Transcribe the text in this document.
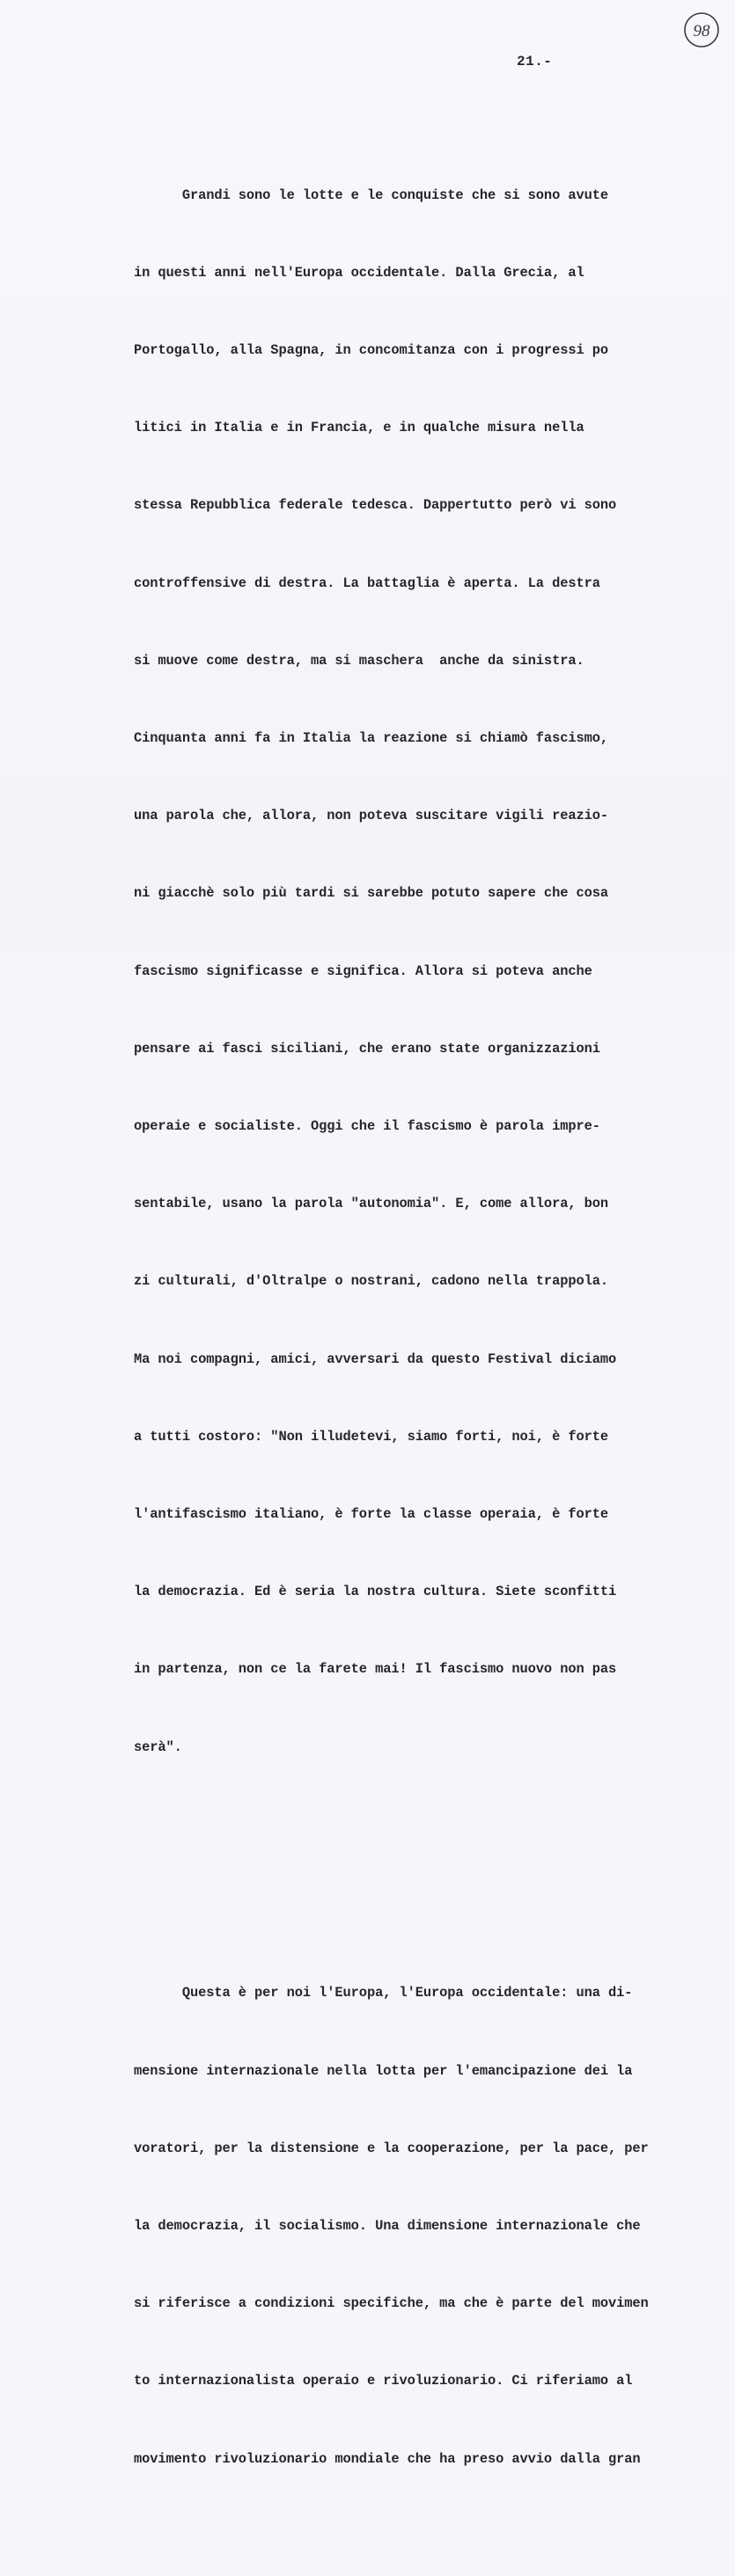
98
21.-

Grandi sono le lotte e le conquiste che si sono avute

in questi anni nell'Europa occidentale. Dalla Grecia, al

Portogallo, alla Spagna, in concomitanza con i progressi po

litici in Italia e in Francia, e in qualche misura nella

stessa Repubblica federale tedesca. Dappertutto però vi sono

controffensive di destra. La battaglia è aperta. La destra

si muove come destra, ma si maschera  anche da sinistra.

Cinquanta anni fa in Italia la reazione si chiamò fascismo,

una parola che, allora, non poteva suscitare vigili reazio-

ni giacchè solo più tardi si sarebbe potuto sapere che cosa

fascismo significasse e significa. Allora si poteva anche

pensare ai fasci siciliani, che erano state organizzazioni

operaie e socialiste. Oggi che il fascismo è parola impre-

sentabile, usano la parola "autonomia". E, come allora, bon

zi culturali, d'Oltralpe o nostrani, cadono nella trappola.

Ma noi compagni, amici, avversari da questo Festival diciamo

a tutti costoro: "Non illudetevi, siamo forti, noi, è forte

l'antifascismo italiano, è forte la classe operaia, è forte

la democrazia. Ed è seria la nostra cultura. Siete sconfitti

in partenza, non ce la farete mai! Il fascismo nuovo non pas

serà".

Questa è per noi l'Europa, l'Europa occidentale: una di-

mensione internazionale nella lotta per l'emancipazione dei la

voratori, per la distensione e la cooperazione, per la pace, per

la democrazia, il socialismo. Una dimensione internazionale che

si riferisce a condizioni specifiche, ma che è parte del movimen

to internazionalista operaio e rivoluzionario. Ci riferiamo al

movimento rivoluzionario mondiale che ha preso avvio dalla gran
